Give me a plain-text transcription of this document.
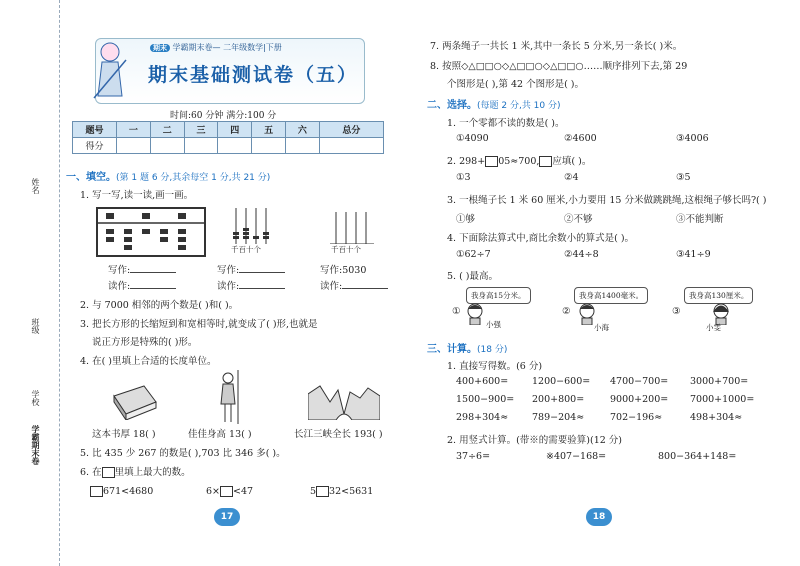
姓名
班级
学校
学霸期末卷
期末 学霸期末卷— 二年级数学|下册
期末基础测试卷（五）
时间:60 分钟 满分:100 分
题号	一	二	三	四	五	六	总分
得分							
一、填空。(第 1 题 6 分,其余每空 1 分,共 21 分)
1. 写一写,读一读,画一画。
千百十个	千百十个
写作:
读作:
写作:
读作:
写作:5030
读作:
2. 与 7000 相邻的两个数是( )和( )。
3. 把长方形的长缩短到和宽相等时,就变成了( )形,也就是
说正方形是特殊的( )形。
4. 在( )里填上合适的长度单位。
这本书厚 18( )	佳佳身高 13( )	长江三峡全长 193( )
5. 比 435 少 267 的数是( ),703 比 346 多( )。
6. 在 里填上最大的数。
671<4680	6× <47	5 32<5631
17
7. 两条绳子一共长 1 米,其中一条长 5 分米,另一条长( )米。
8. 按照◇△□□○◇△□□○◇△□□○……顺序排列下去,第 29
个图形是( ),第 42 个图形是( )。
二、选择。(每题 2 分,共 10 分)
1. 一个零都不读的数是( )。
①4090	②4600	③4006
2. 298+ 05≈700, 应填( )。
①3	②4	③5
3. 一根绳子长 1 米 60 厘米,小力要用 15 分米做跳跳绳,这根绳子够长吗?( )
①够	②不够	③不能判断
4. 下面除法算式中,商比余数小的算式是( )。
①62÷7	②44÷8	③41÷9
5. ( )最高。
我身高15分米。	我身高1400毫米。	我身高130厘米。
①	②	③
小强	小海	小雯
三、计算。(18 分)
1. 直接写得数。(6 分)
400+600=	1200−600= 4700−700= 3000+700=
1500−900= 200+800=	9000+200= 7000+1000=
298+304≈	789−204≈	702−196≈	498+304≈
2. 用竖式计算。(带※的需要验算)(12 分)
37÷6=	※407−168=	800−364+148=
18
